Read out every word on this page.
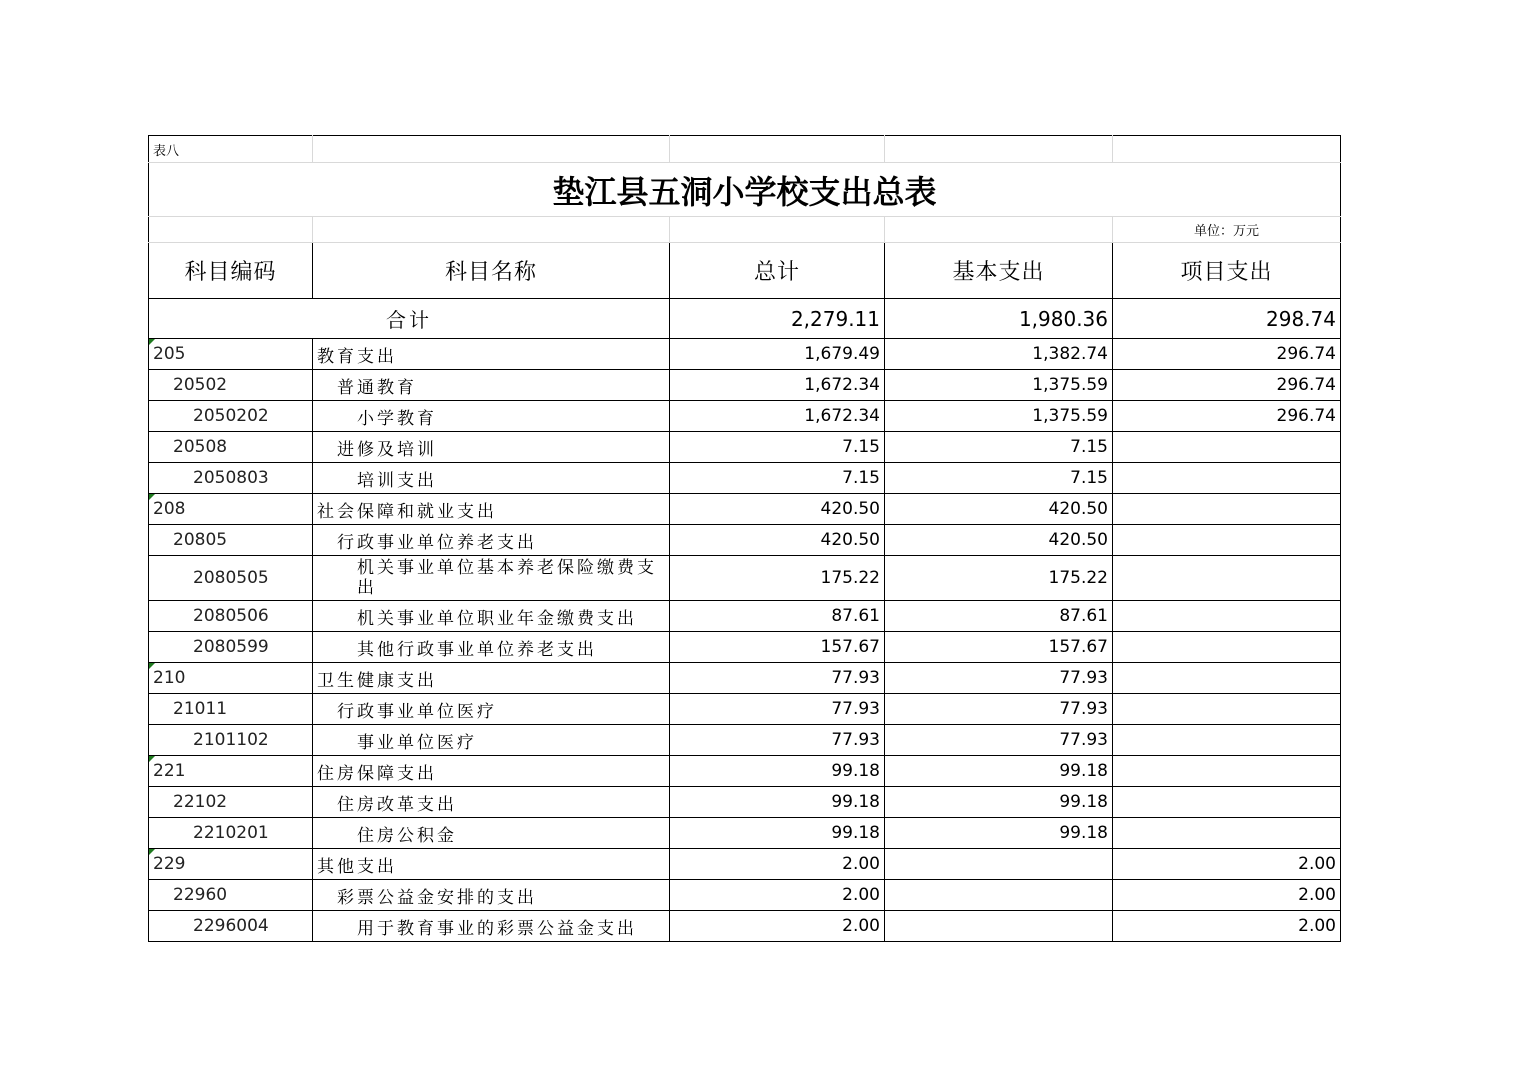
表八				
垫江县五洞小学校支出总表				
				单位：万元
科目编码	科目名称	总计	基本支出	项目支出
合计		2,279.11	1,980.36	298.74

205	教育支出	1,679.49	1,382.74	296.74
20502	普通教育	1,672.34	1,375.59	296.74
2050202	小学教育	1,672.34	1,375.59	296.74
20508	进修及培训	7.15	7.15	
2050803	培训支出	7.15	7.15	

208	社会保障和就业支出	420.50	420.50	
20805	行政事业单位养老支出	420.50	420.50	
2080505	机关事业单位基本养老保险缴费支出	175.22	175.22	
2080506	机关事业单位职业年金缴费支出	87.61	87.61	
2080599	其他行政事业单位养老支出	157.67	157.67	

210	卫生健康支出	77.93	77.93	
21011	行政事业单位医疗	77.93	77.93	
2101102	事业单位医疗	77.93	77.93	

221	住房保障支出	99.18	99.18	
22102	住房改革支出	99.18	99.18	
2210201	住房公积金	99.18	99.18	

229	其他支出	2.00		2.00
22960	彩票公益金安排的支出	2.00		2.00
2296004	用于教育事业的彩票公益金支出	2.00		2.00
